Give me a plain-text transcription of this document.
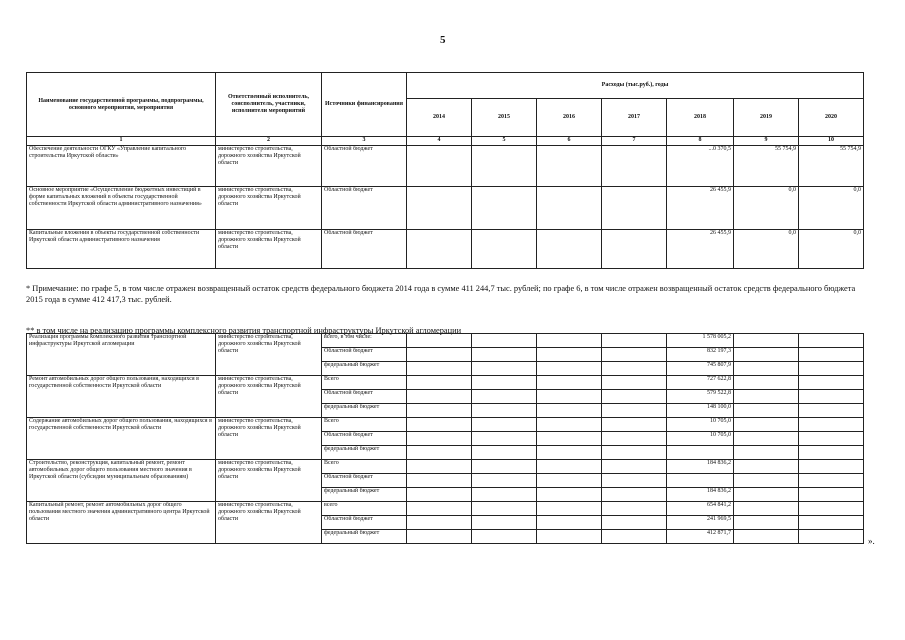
5
Наименование государственной программы, подпрограммы, основного мероприятия, мероприятия	Ответственный исполнитель, соисполнитель, участники, исполнители мероприятий	Источники финансирования	Расходы (тыс.руб.), годы						
			2014	2015	2016	2017	2018	2019	2020
1	2	3	4	5	6	7	8	9	10
Обеспечение деятельности ОГКУ «Управление капитального строительства Иркутской области»	министерство строительства, дорожного хозяйства Иркутской области	Областной бюджет					...0 370,5	55 754,9	55 754,9
Основное мероприятие «Осуществление бюджетных инвестиций в форме капитальных вложений в объекты государственной собственности Иркутской области административного назначения»	министерство строительства, дорожного хозяйства Иркутской области	Областной бюджет					26 455,9	0,0	0,0
Капитальные вложения в объекты государственной собственности Иркутской области административного назначения	министерство строительства, дорожного хозяйства Иркутской области	Областной бюджет					26 455,9	0,0	0,0
* Примечание: по графе 5, в том числе отражен возвращенный остаток средств федерального бюджета 2014 года в сумме 411 244,7 тыс. рублей; по графе 6, в том числе отражен возвращенный остаток средств федерального бюджета 2015 года в сумме 412 417,3 тыс. рублей.
** в том числе на реализацию программы комплексного развития транспортной инфраструктуры Иркутской агломерации
Реализация программы комплексного развития транспортной инфраструктуры Иркутской агломерации	министерство строительства, дорожного хозяйства Иркутской области	всего, в том числе:					1 578 005,2		
		Областной бюджет					832 197,3		
		федеральный бюджет					745 807,9		
Ремонт автомобильных дорог общего пользования, находящихся в государственной собственности Иркутской области	министерство строительства, дорожного хозяйства Иркутской области	Всего					727 622,8		
		Областной бюджет					579 522,8		
		федеральный бюджет					148 100,0		
Содержание автомобильных дорог общего пользования, находящихся в государственной собственности Иркутской области	министерство строительства, дорожного хозяйства Иркутской области	Всего					10 705,0		
		Областной бюджет					10 705,0		
		федеральный бюджет							
Строительство, реконструкция, капитальный ремонт, ремонт автомобильных дорог общего пользования местного значения в Иркутской области (субсидии муниципальным образованиям)	министерство строительства, дорожного хозяйства Иркутской области	Всего					184 836,2		
		Областной бюджет							
		федеральный бюджет					184 836,2		
Капитальный ремонт, ремонт автомобильных дорог общего пользования местного значения административного центра Иркутской области	министерство строительства, дорожного хозяйства Иркутской области	всего					654 841,2		
		Областной бюджет					241 969,5		
		федеральный бюджет					412 871,7		
».
